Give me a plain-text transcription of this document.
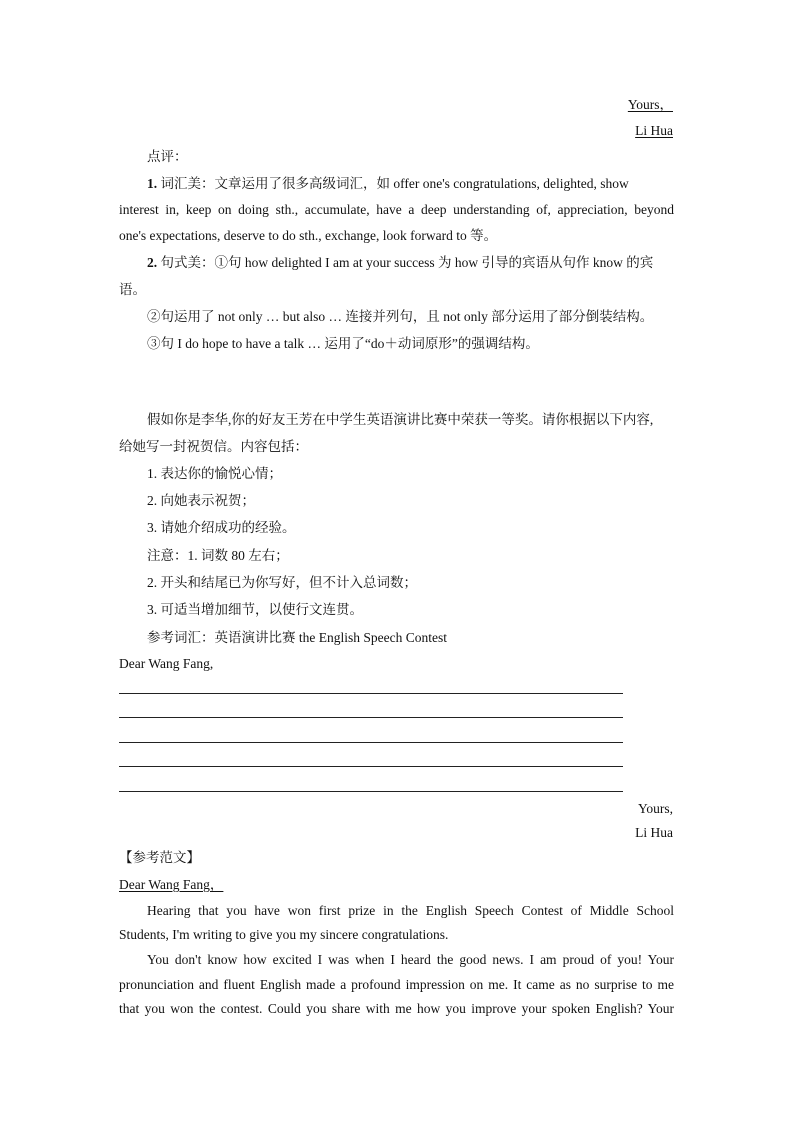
Yours，
Li Hua
点评：
1. 词汇美：文章运用了很多高级词汇，如 offer one's congratulations, delighted, show
interest in, keep on doing sth., accumulate, have a deep understanding of, appreciation, beyond
one's expectations, deserve to do sth., exchange, look forward to 等。
2. 句式美：①句 how delighted I am at your success 为 how 引导的宾语从句作 know 的宾
语。
②句运用了 not only … but also … 连接并列句，且 not only 部分运用了部分倒装结构。
③句 I do hope to have a talk … 运用了“do＋动词原形”的强调结构。
假如你是李华,你的好友王芳在中学生英语演讲比赛中荣获一等奖。请你根据以下内容,
给她写一封祝贺信。内容包括：
1. 表达你的愉悦心情；
2. 向她表示祝贺；
3. 请她介绍成功的经验。
注意：1. 词数 80 左右；
2. 开头和结尾已为你写好，但不计入总词数；
3. 可适当增加细节，以使行文连贯。
参考词汇：英语演讲比赛 the English Speech Contest
Dear Wang Fang,
Yours,
Li Hua
【参考范文】
Dear Wang Fang，
Hearing that you have won first prize in the English Speech Contest of Middle School
Students, I'm writing to give you my sincere congratulations.
You don't know how excited I was when I heard the good news. I am proud of you! Your
pronunciation and fluent English made a profound impression on me. It came as no surprise to me
that you won the contest. Could you share with me how you improve your spoken English? Your
